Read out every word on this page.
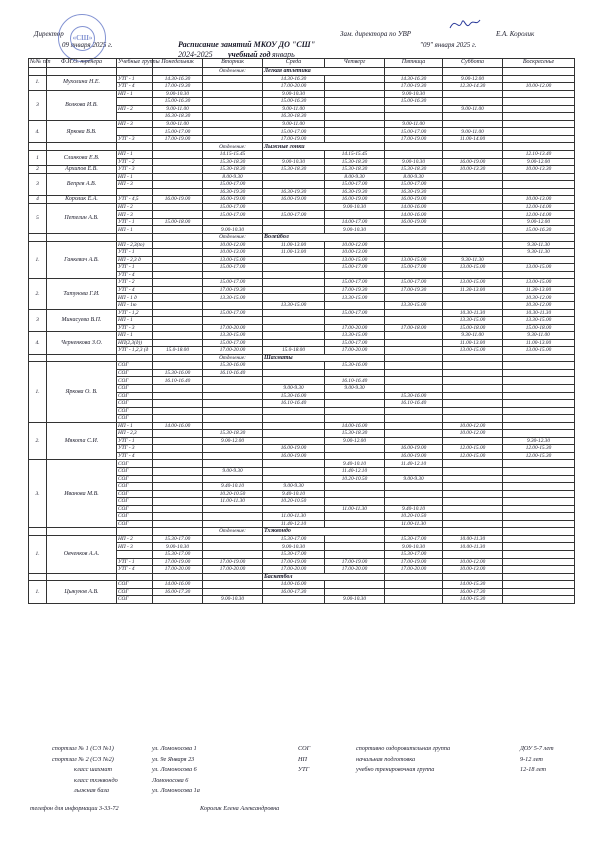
Директор
09 января 2025 г.
«СШ»	Зам. директора по УВР	Е.А. Королик
"09" января 2025 г.
Расписание занятий МКОУ ДО "СШ"
2024-2025 учебный год январь
№№ п/п	Ф.И.О. тренера	Учебные группы	Понедельник	Вторник	Среда	Четверг	Пятница	Суббота	Воскресенье
				Отделение:	Легкая атлетика				
1.	Мухолина Н.Е.	УТГ - 1	14.30-16.30		14.30-16.30		14.30-16.30	9.00-12.00	
		УТГ - 4	17.00-19.30		17.00-20.00		17.00-19.30	12.30-14.30	10.00-12.00
3	Волкова И.В.	НП - 1	9.00-10.30		9.00-10.30		9.00-10.30		
			15.00-16.30		15.00-16.30		15.00-16.30		
		НП - 2	9.00-11.00		9.00-11.00			9.00-11.00	
			16.30-18.30		16.30-18.30				
4.	Яркова В.В.	НП - 3	9.00-11.00		9.00-11.00		9.00-11.00		
			15.00-17.00		15.00-17.00		15.00-17.00	9.00-11.00	
		УТГ - 3	17.00-19.00		17.00-19.00		17.00-19.00	11.00-14.00	
				Отделение:	Лыжные гонки				
1	Слинкова Е.В.	НП - 1		14.15-15.45		14.15-15.45			12.10-13.40
		УТГ - 2		15.30-18.30	9.00-10.30	15.30-18.30	9.00-10.30	16.00-19.00	9.00-12.00
2	Архипов Е.В.	УТГ - 3		15.30-18.30	15.30-18.30	15.30-18.30	15.30-18.30	10.00-13.30	10.00-13.30
3	Вепрев А.В.	НП - 1		8.00-9.30		8.00-9.30	8.00-9.30		
		НП - 3		15.00-17.00		15.00-17.00	15.00-17.00		
				16.30-19.30	16.30-19.30	16.30-19.30	16.30-19.30		
4	Королик Е.А.	УТГ - 4,5	16.00-19.00	16.00-19.00	16.00-19.00	16.00-19.00	16.00-19.00		10.00-13.00
5	Петелин А.В.	НП - 2		15.00-17.00		9.00-10.30	14.00-16.00		12.00-14.00
		НП - 3		15.00-17.00	15.00-17.00		14.00-16.00		12.00-14.00
		УТГ - 1	15.00-18.00			14.00-17.00	16.00-19.00		9.00-12.00
		НП - 1		9.00-10.30		9.00-10.30			15.00-16.30
				Отделение:	Волейбол				
1.	Ганкевич А.В.	НП - 2,3(to)		10.00-12.00	11.00-13.00	10.00-12.00			9.30-11.30
		УТГ - 1		10.00-13.00	11.00-13.00	10.00-13.00			9.30-11.30
		НП - 2,3 д		13.00-15.00		13.00-15.00	13.00-15.00	9.30-11.30	
		УТГ - 1		15.00-17.00		15.00-17.00	15.00-17.00	13.00-15.00	13.00-15.00
		УТГ - 4							
2.	Татунова Г.И.	УТГ - 2		15.00-17.00		15.00-17.00	15.00-17.00	13.00-15.00	13.00-15.00
		УТГ - 4		17.00-19.30		17.00-19.30	17.00-19.30	11.30-13.00	11.30-13.00
		НП - 1 д		13.30-15.00		13.30-15.00			10.30-12.00
		НП - 1ю			13.30-15.00		13.30-15.00		10.30-12.00
3	Минасуева В.П.	УТГ - 1,2		15.00-17.00		15.00-17.00		10.30-11.30	10.30-11.30
		НП - 1						13.30-15.00	13.30-15.00
		УТГ - 3		17.00-20.00		17.00-20.00	17.00-18.00	15.00-18.00	15.00-18.00
4.	Черненкова З.О.	НП - 1		13.30-15.00		13.30-15.00		9.30-11.00	9.30-11.00
		НП(2,3(д))		15.00-17.00		15.00-17.00		11.00-13.00	11.00-13.00
		УТГ - 1,2,3 (д	15.0-18.00	17.00-20.00	15.0-18.00	17.00-20.00		13.00-15.00	13.00-15.00
				Отделение:	Шахматы				
1.	Яркова О. В.	СОГ		15.30-16.00		15.30-16.00			
		СОГ	15.30-16.00	16.10-16.40					
		СОГ	16.10-16.40			16.10-16.40			
		СОГ			9.00-9.30	9.00-9.30			
		СОГ			15.30-16.00		15.30-16.00		
		СОГ			16.10-16.40		16.10-16.40		
		СОГ							
		СОГ							
2.	Мякота С.И.	НП - 1	14.00-16.00			14.00-16.00		10.00-12.00	
		НП - 2,3		15.30-18.30		15.30-18.30		10.00-12.00	
		УТГ - 1		9.00-12.00		9.00-12.00			9.30-12.30
		УТГ - 3			16.00-19.00		16.00-19.00	12.00-15.00	12.00-15.30
		УТГ - 4			16.00-19.00		16.00-19.00	12.00-15.00	12.00-15.30
3.	Иванова М.В.	СОГ				9.40-10.10	11.40-12.10		
		СОГ		9.00-9.30		11.40-12.10			
		СОГ				10.20-10.50	9.00-9.30		
		СОГ		9.40-10.10	9.00-9.30				
		СОГ		10.20-10.50	9.40-10.10				
		СОГ		11.00-11.30	10.20-10.50				
		СОГ				11.00-11.30	9.40-10.10		
		СОГ			11.00-11.30		10.20-10.50		
		СОГ			11.40-12.10		11.00-11.30		
				Отделение:	Тхэквондо				
1.	Овченков А.А.	НП - 2	15.30-17.00		15.30-17.00		15.30-17.00	10.00-11.30	
		НП - 3	9.00-10.30		9.00-10.30		9.00-10.30	10.00-11.30	
			15.30-17.00		15.30-17.00		15.30-17.00		
		УТГ - 1	17.00-19.00	17.00-19.00	17.00-19.00	17.00-19.00	17.00-19.00	10.00-12.00	
		УТГ - 4	17.00-20.00	17.00-20.00	17.00-20.00	17.00-20.00	17.00-20.00	10.00-13.00	
					Баскетбол				
1.	Цыкунов А.В.	СОГ	14.00-16.00		14.00-16.00			14.00-15.30	
		СОГ	16.00-17.30		16.00-17.30			16.00-17.30	
		СОГ		9.00-10.30		9.00-10.30		14.00-15.30	
спортзал № 1 (С/З №1)	ул. Ломоносова 1
спортзал № 2 (С/З №2)	ул. 9е Января 23
класс шахмат	ул. Ломоносова 6
класс тхэквондо	Ломоносова 6
лыжная база	ул. Ломоносова 1а
СОГ	спортивно оздоровительная группа	ДОУ 5-7 лет
НП	начальная подготовка	9-12 лет
УТГ	учебно тренировочная группа	12-18 лет
телефон для информации 3-33-72	Королик Елена Александровна
